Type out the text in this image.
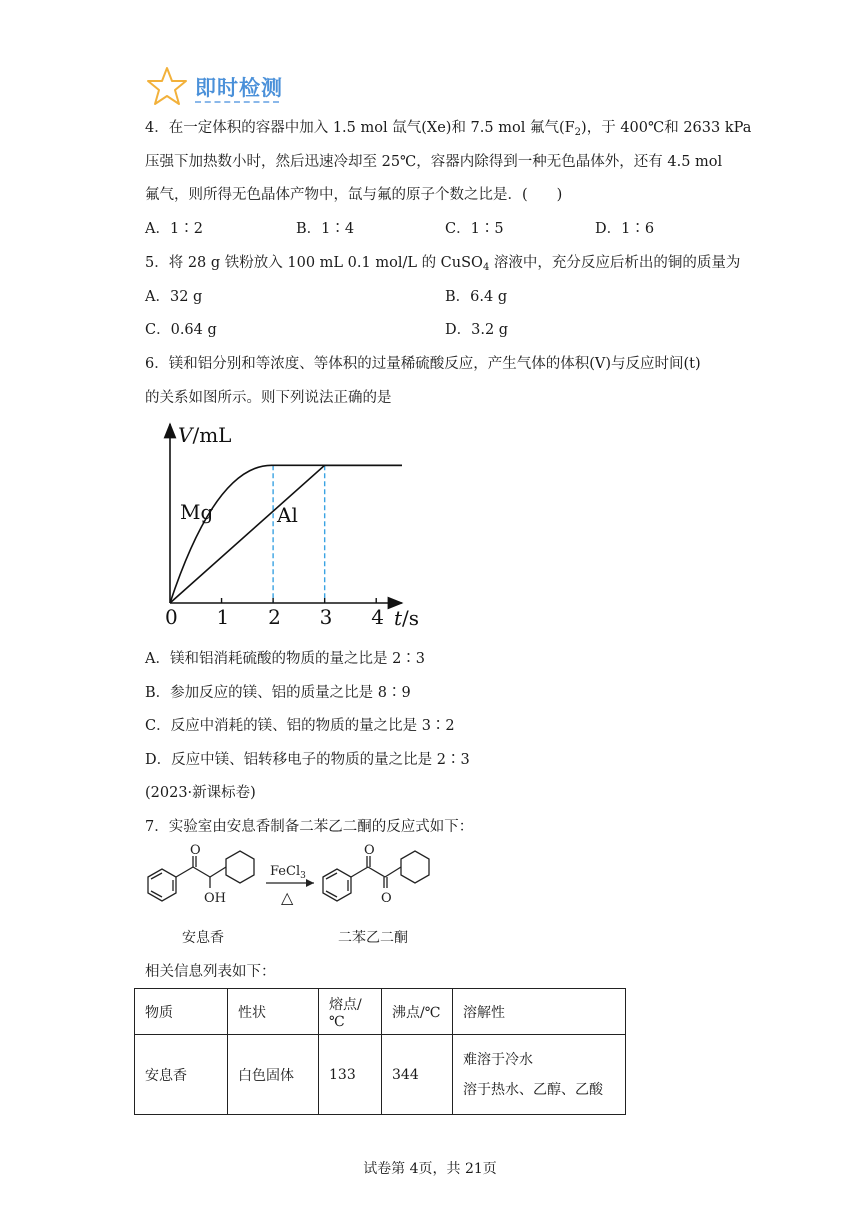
即时检测
4．在一定体积的容器中加入 1.5 mol 氙气(Xe)和 7.5 mol 氟气$(F_2)$，于 400℃和 2633 kPa
压强下加热数小时，然后迅速冷却至 25℃，容器内除得到一种无色晶体外，还有 4.5 mol
氟气，则所得无色晶体产物中，氙与氟的原子个数之比是．(　　)
A．1∶2	B．1∶4	C．1∶5	D．1∶6
5．将 28 g 铁粉放入 100 mL 0.1 mol/L 的 CuSO$_4$ 溶液中，充分反应后析出的铜的质量为
A．32 g	B．6.4 g
C．0.64 g	D．3.2 g
6．镁和铝分别和等浓度、等体积的过量稀硫酸反应，产生气体的体积(V)与反应时间(t)
的关系如图所示。则下列说法正确的是
Mg	Al
0 1 2 3 4
V/mL
t/s
A．镁和铝消耗硫酸的物质的量之比是 2∶3
B．参加反应的镁、铝的质量之比是 8∶9
C．反应中消耗的镁、铝的物质的量之比是 3∶2
D．反应中镁、铝转移电子的物质的量之比是 2∶3
(2023·新课标卷)
7．实验室由安息香制备二苯乙二酮的反应式如下：
O
OH
O
O
FeCl$_3$
△
安息香	二苯乙二酮
相关信息列表如下：
物质	性状	熔点/℃	沸点/℃	溶解性
安息香	白色固体	133	344	难溶于冷水
溶于热水、乙醇、乙酸
试卷第 4页，共 21页
